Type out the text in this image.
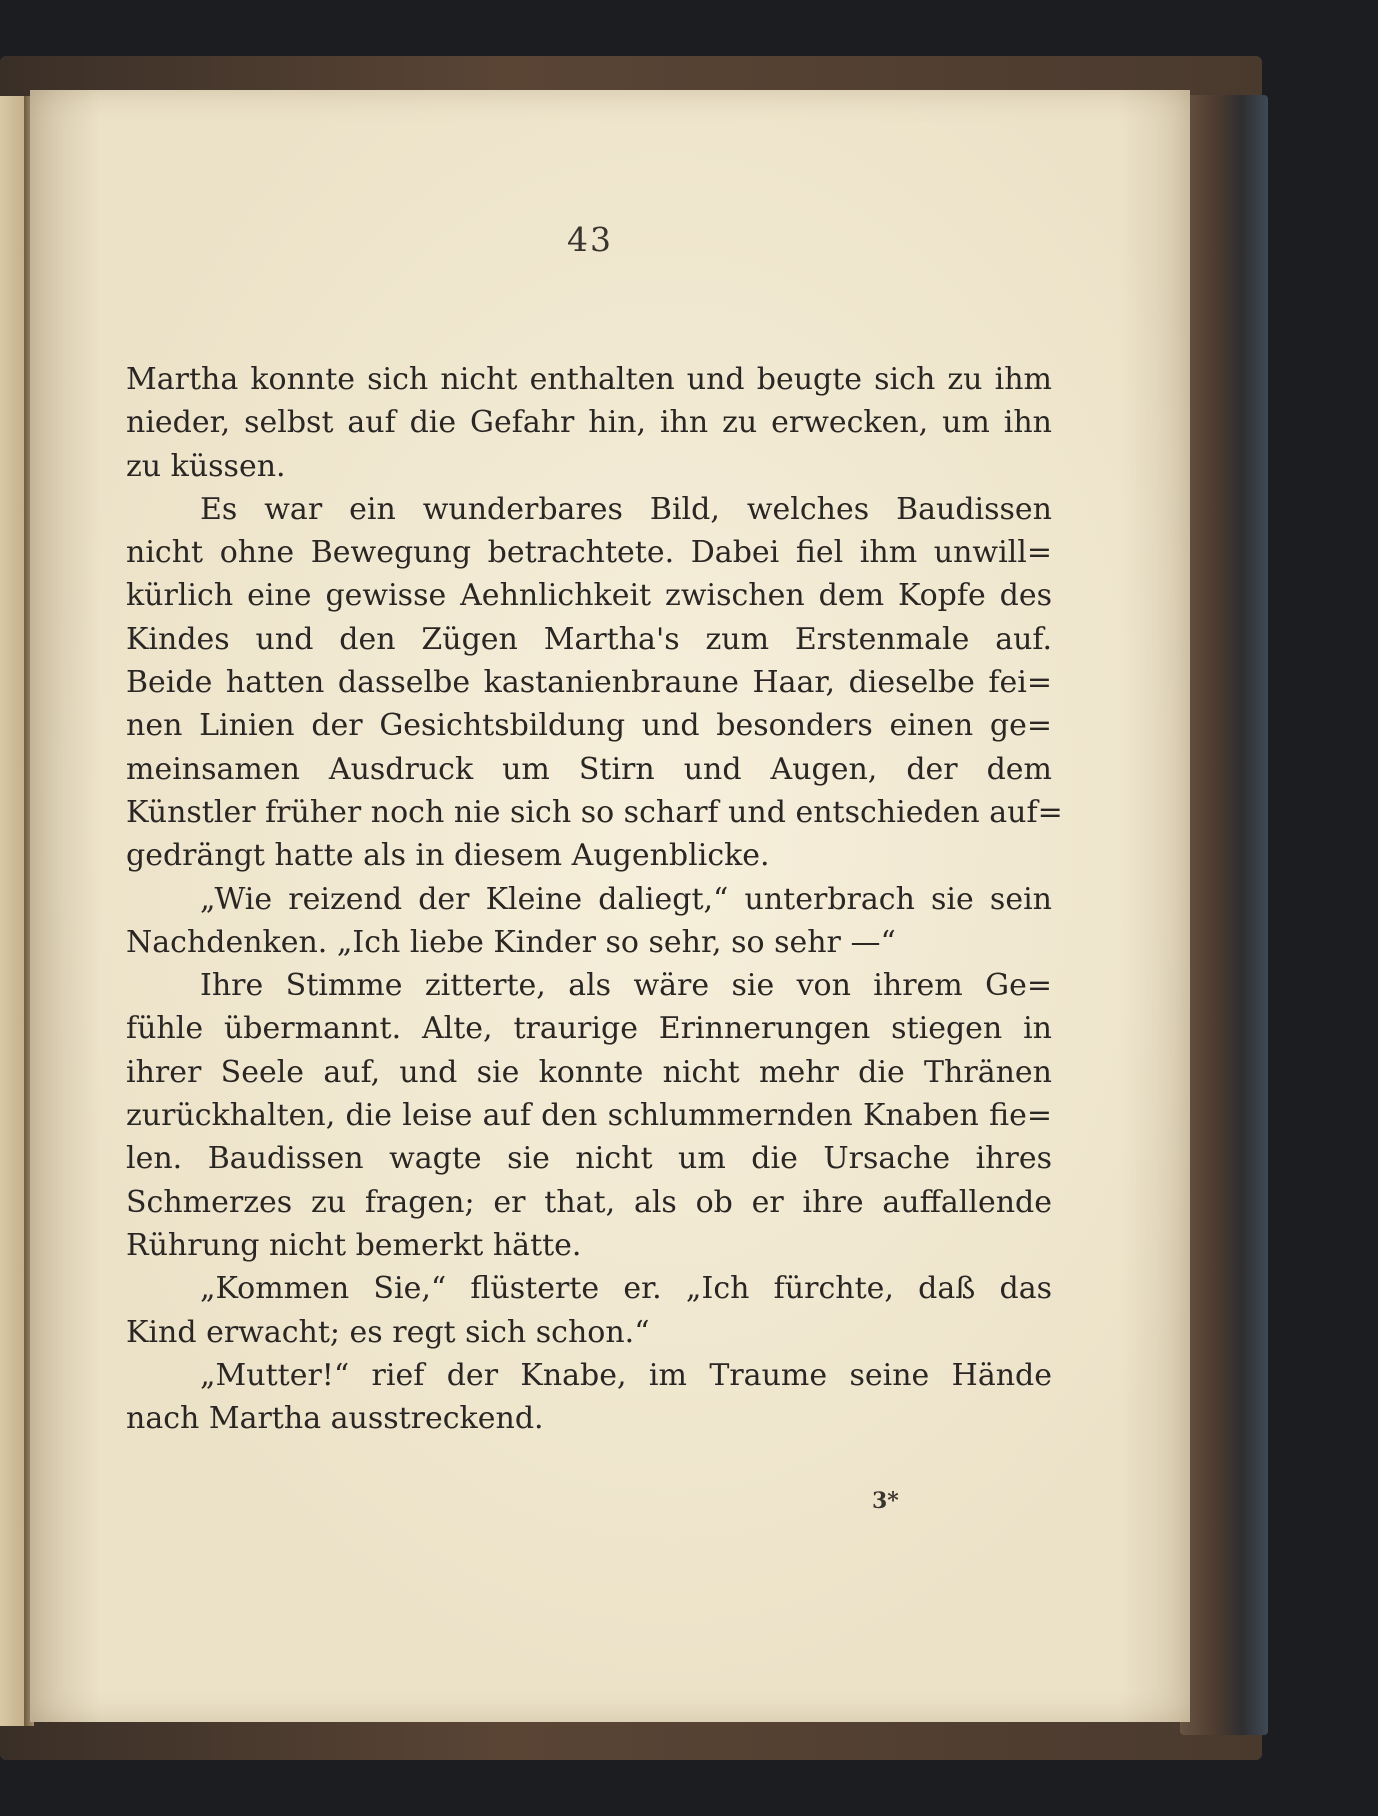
43
Martha konnte sich nicht enthalten und beugte sich zu ihm
nieder, selbst auf die Gefahr hin, ihn zu erwecken, um ihn
zu küssen.
Es war ein wunderbares Bild, welches Baudissen
nicht ohne Bewegung betrachtete. Dabei fiel ihm unwill=
kürlich eine gewisse Aehnlichkeit zwischen dem Kopfe des
Kindes und den Zügen Martha's zum Erstenmale auf.
Beide hatten dasselbe kastanienbraune Haar, dieselbe fei=
nen Linien der Gesichtsbildung und besonders einen ge=
meinsamen Ausdruck um Stirn und Augen, der dem
Künstler früher noch nie sich so scharf und entschieden auf=
gedrängt hatte als in diesem Augenblicke.
„Wie reizend der Kleine daliegt,“ unterbrach sie sein
Nachdenken. „Ich liebe Kinder so sehr, so sehr —“
Ihre Stimme zitterte, als wäre sie von ihrem Ge=
fühle übermannt. Alte, traurige Erinnerungen stiegen in
ihrer Seele auf, und sie konnte nicht mehr die Thränen
zurückhalten, die leise auf den schlummernden Knaben fie=
len. Baudissen wagte sie nicht um die Ursache ihres
Schmerzes zu fragen; er that, als ob er ihre auffallende
Rührung nicht bemerkt hätte.
„Kommen Sie,“ flüsterte er. „Ich fürchte, daß das
Kind erwacht; es regt sich schon.“
„Mutter!“ rief der Knabe, im Traume seine Hände
nach Martha ausstreckend.
3*
